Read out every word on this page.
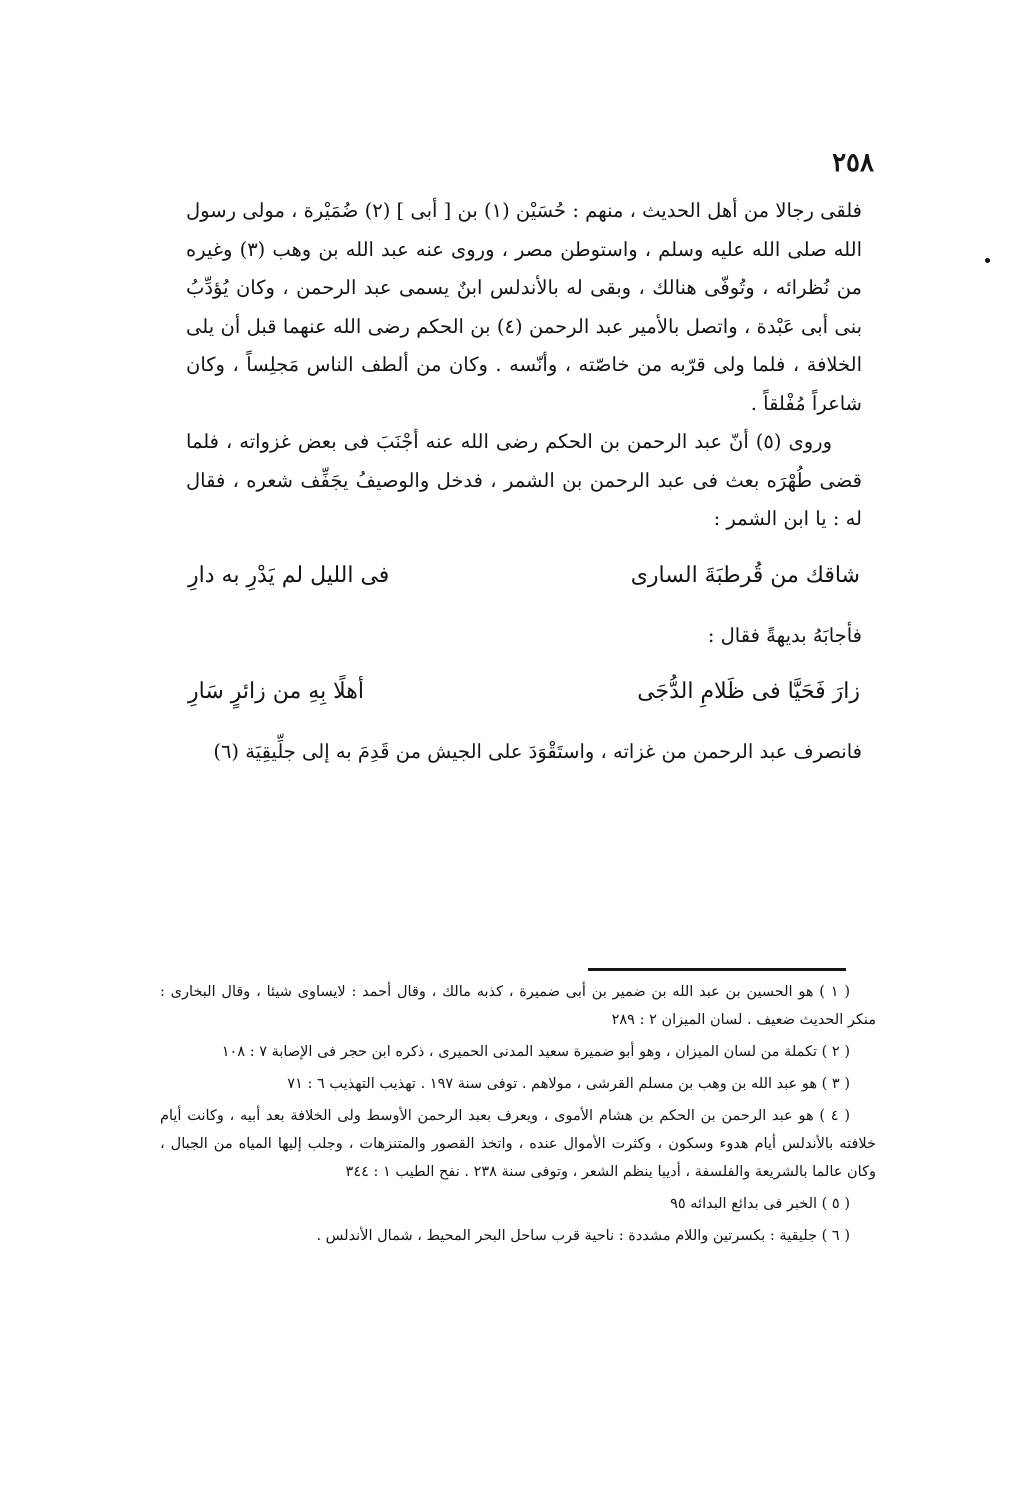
٢٥٨

فلقى رجالا من أهل الحديث ، منهم : حُسَيْن (١) بن [ أبى ] (٢) ضُمَيْرة ، مولى رسول الله صلى الله عليه وسلم ، واستوطن مصر ، وروى عنه عبد الله بن وهب (٣) وغيره من نُظرائه ، وتُوفّى هنالك ، وبقى له بالأندلس ابنٌ يسمى عبد الرحمن ، وكان يُؤدِّبُ بنى أبى عَبْدة ، واتصل بالأمير عبد الرحمن (٤) بن الحكم رضى الله عنهما قبل أن يلى الخلافة ، فلما ولى قرّبه من خاصّته ، وأنّسه . وكان من ألطف الناس مَجلِساً ، وكان شاعراً مُفْلقاً .

وروى (٥) أنّ عبد الرحمن بن الحكم رضى الله عنه أجْنَبَ فى بعض غزواته ، فلما قضى طُهْرَه بعث فى عبد الرحمن بن الشمر ، فدخل والوصيفُ يجَفِّف شعره ، فقال له : يا ابن الشمر :

شاقك من قُرطبَةَ السارى
فى الليل لم يَدْرِ به دارِ

فأجابَهُ بديهةً فقال :

زارَ فَحَيَّا فى ظَلامِ الدُّجَى
أهلًا بِهِ من زائرٍ سَارِ

فانصرف عبد الرحمن من غزاته ، واستَقْوَدَ على الجيش من قَدِمَ به إلى جلِّيقِيَة (٦)

( ١ ) هو الحسين بن عبد الله بن ضمير بن أبى ضميرة ، كذبه مالك ، وقال أحمد : لايساوى شيئا ، وقال البخارى : منكر الحديث ضعيف . لسان الميزان ٢ : ٢٨٩

( ٢ ) تكملة من لسان الميزان ، وهو أبو ضميرة سعيد المدنى الحميرى ، ذكره ابن حجر فى الإصابة ٧ : ١٠٨

( ٣ ) هو عبد الله بن وهب بن مسلم القرشى ، مولاهم . توفى سنة ١٩٧ . تهذيب التهذيب ٦ : ٧١

( ٤ ) هو عبد الرحمن بن الحكم بن هشام الأموى ، ويعرف بعبد الرحمن الأوسط ولى الخلافة بعد أبيه ، وكانت أيام خلافته بالأندلس أيام هدوء وسكون ، وكثرت الأموال عنده ، واتخذ القصور والمتنزهات ، وجلب إليها المياه من الجبال ، وكان عالما بالشريعة والفلسفة ، أديبا ينظم الشعر ، وتوفى سنة ٢٣٨ . نفح الطيب ١ : ٣٤٤

( ٥ ) الخبر فى بدائع البدائه ٩٥

( ٦ ) جليقية : بكسرتين واللام مشددة : ناحية قرب ساحل البحر المحيط ، شمال الأندلس .
